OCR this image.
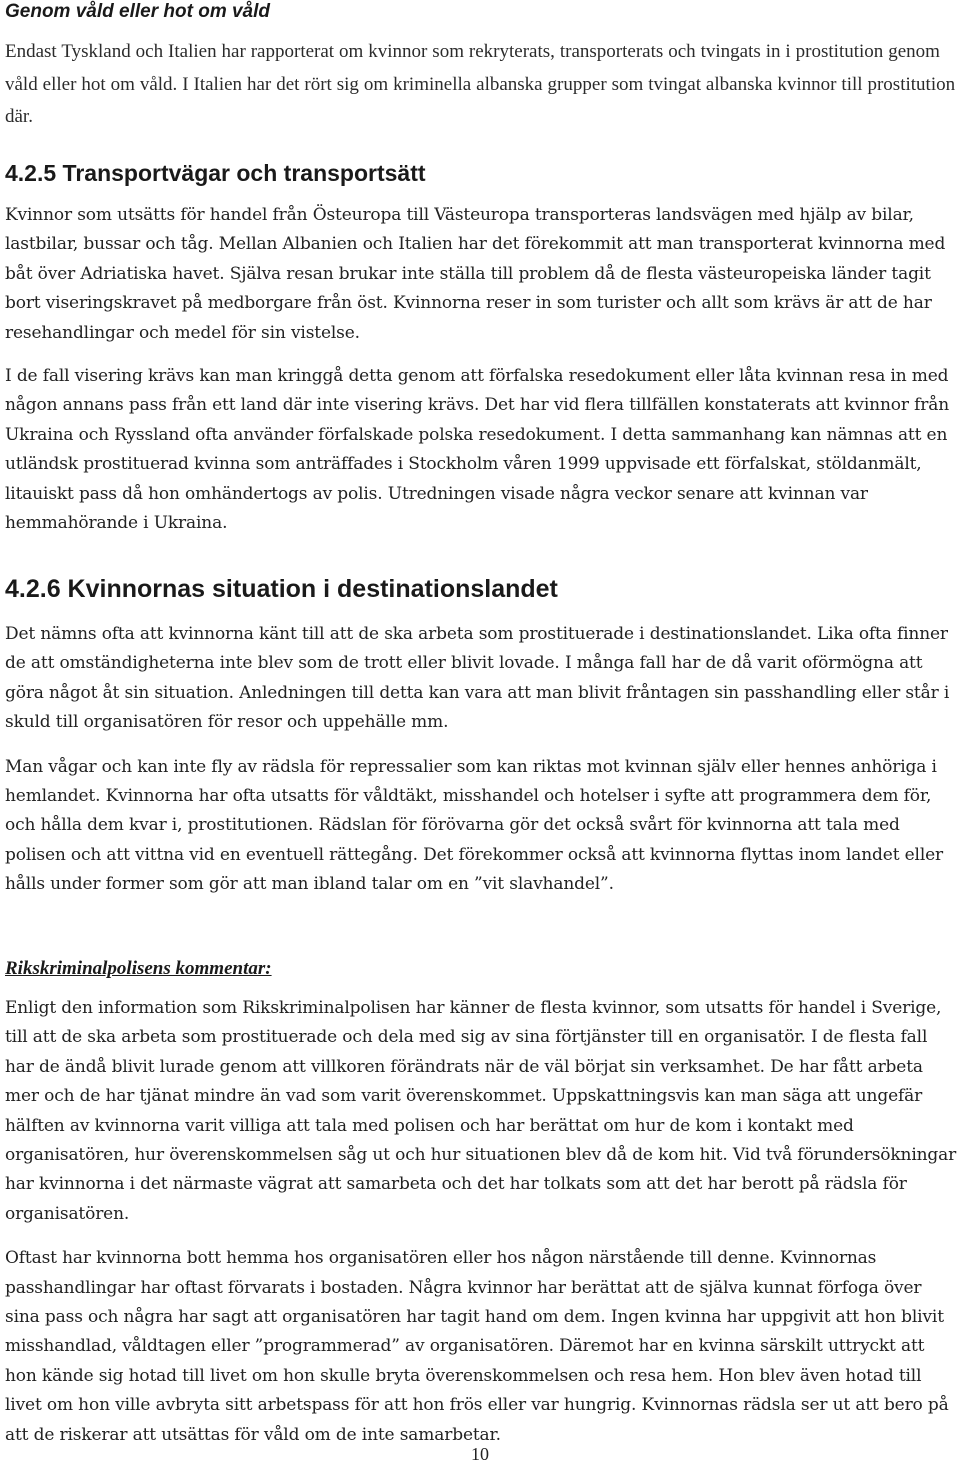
Genom våld eller hot om våld

Endast Tyskland och Italien har rapporterat om kvinnor som rekryterats, transporterats och tvingats in i prostitution genom våld eller hot om våld. I Italien har det rört sig om kriminella albanska grupper som tvingat albanska kvinnor till prostitution där.

4.2.5 Transportvägar och transportsätt

Kvinnor som utsätts för handel från Östeuropa till Västeuropa transporteras landsvägen med hjälp av bilar, lastbilar, bussar och tåg. Mellan Albanien och Italien har det förekommit att man transporterat kvinnorna med båt över Adriatiska havet. Själva resan brukar inte ställa till problem då de flesta västeuropeiska länder tagit bort viseringskravet på medborgare från öst. Kvinnorna reser in som turister och allt som krävs är att de har resehandlingar och medel för sin vistelse.

I de fall visering krävs kan man kringgå detta genom att förfalska resedokument eller låta kvinnan resa in med någon annans pass från ett land där inte visering krävs. Det har vid flera tillfällen konstaterats att kvinnor från Ukraina och Ryssland ofta använder förfalskade polska resedokument. I detta sammanhang kan nämnas att en utländsk prostituerad kvinna som anträffades i Stockholm våren 1999 uppvisade ett förfalskat, stöldanmält, litauiskt pass då hon omhändertogs av polis. Utredningen visade några veckor senare att kvinnan var hemmahörande i Ukraina.

4.2.6 Kvinnornas situation i destinationslandet

Det nämns ofta att kvinnorna känt till att de ska arbeta som prostituerade i destinationslandet. Lika ofta finner de att omständigheterna inte blev som de trott eller blivit lovade. I många fall har de då varit oförmögna att göra något åt sin situation. Anledningen till detta kan vara att man blivit fråntagen sin passhandling eller står i skuld till organisatören för resor och uppehälle mm.

Man vågar och kan inte fly av rädsla för repressalier som kan riktas mot kvinnan själv eller hennes anhöriga i hemlandet. Kvinnorna har ofta utsatts för våldtäkt, misshandel och hotelser i syfte att programmera dem för, och hålla dem kvar i, prostitutionen. Rädslan för förövarna gör det också svårt för kvinnorna att tala med polisen och att vittna vid en eventuell rättegång. Det förekommer också att kvinnorna flyttas inom landet eller hålls under former som gör att man ibland talar om en ”vit slavhandel”.

Rikskriminalpolisens kommentar:

Enligt den information som Rikskriminalpolisen har känner de flesta kvinnor, som utsatts för handel i Sverige, till att de ska arbeta som prostituerade och dela med sig av sina förtjänster till en organisatör. I de flesta fall har de ändå blivit lurade genom att villkoren förändrats när de väl börjat sin verksamhet. De har fått arbeta mer och de har tjänat mindre än vad som varit överenskommet. Uppskattningsvis kan man säga att ungefär hälften av kvinnorna varit villiga att tala med polisen och har berättat om hur de kom i kontakt med organisatören, hur överenskommelsen såg ut och hur situationen blev då de kom hit. Vid två förundersökningar har kvinnorna i det närmaste vägrat att samarbeta och det har tolkats som att det har berott på rädsla för organisatören.

Oftast har kvinnorna bott hemma hos organisatören eller hos någon närstående till denne. Kvinnornas passhandlingar har oftast förvarats i bostaden. Några kvinnor har berättat att de själva kunnat förfoga över sina pass och några har sagt att organisatören har tagit hand om dem. Ingen kvinna har uppgivit att hon blivit misshandlad, våldtagen eller ”programmerad” av organisatören. Däremot har en kvinna särskilt uttryckt att hon kände sig hotad till livet om hon skulle bryta överenskommelsen och resa hem. Hon blev även hotad till livet om hon ville avbryta sitt arbetspass för att hon frös eller var hungrig. Kvinnornas rädsla ser ut att bero på att de riskerar att utsättas för våld om de inte samarbetar.

10
